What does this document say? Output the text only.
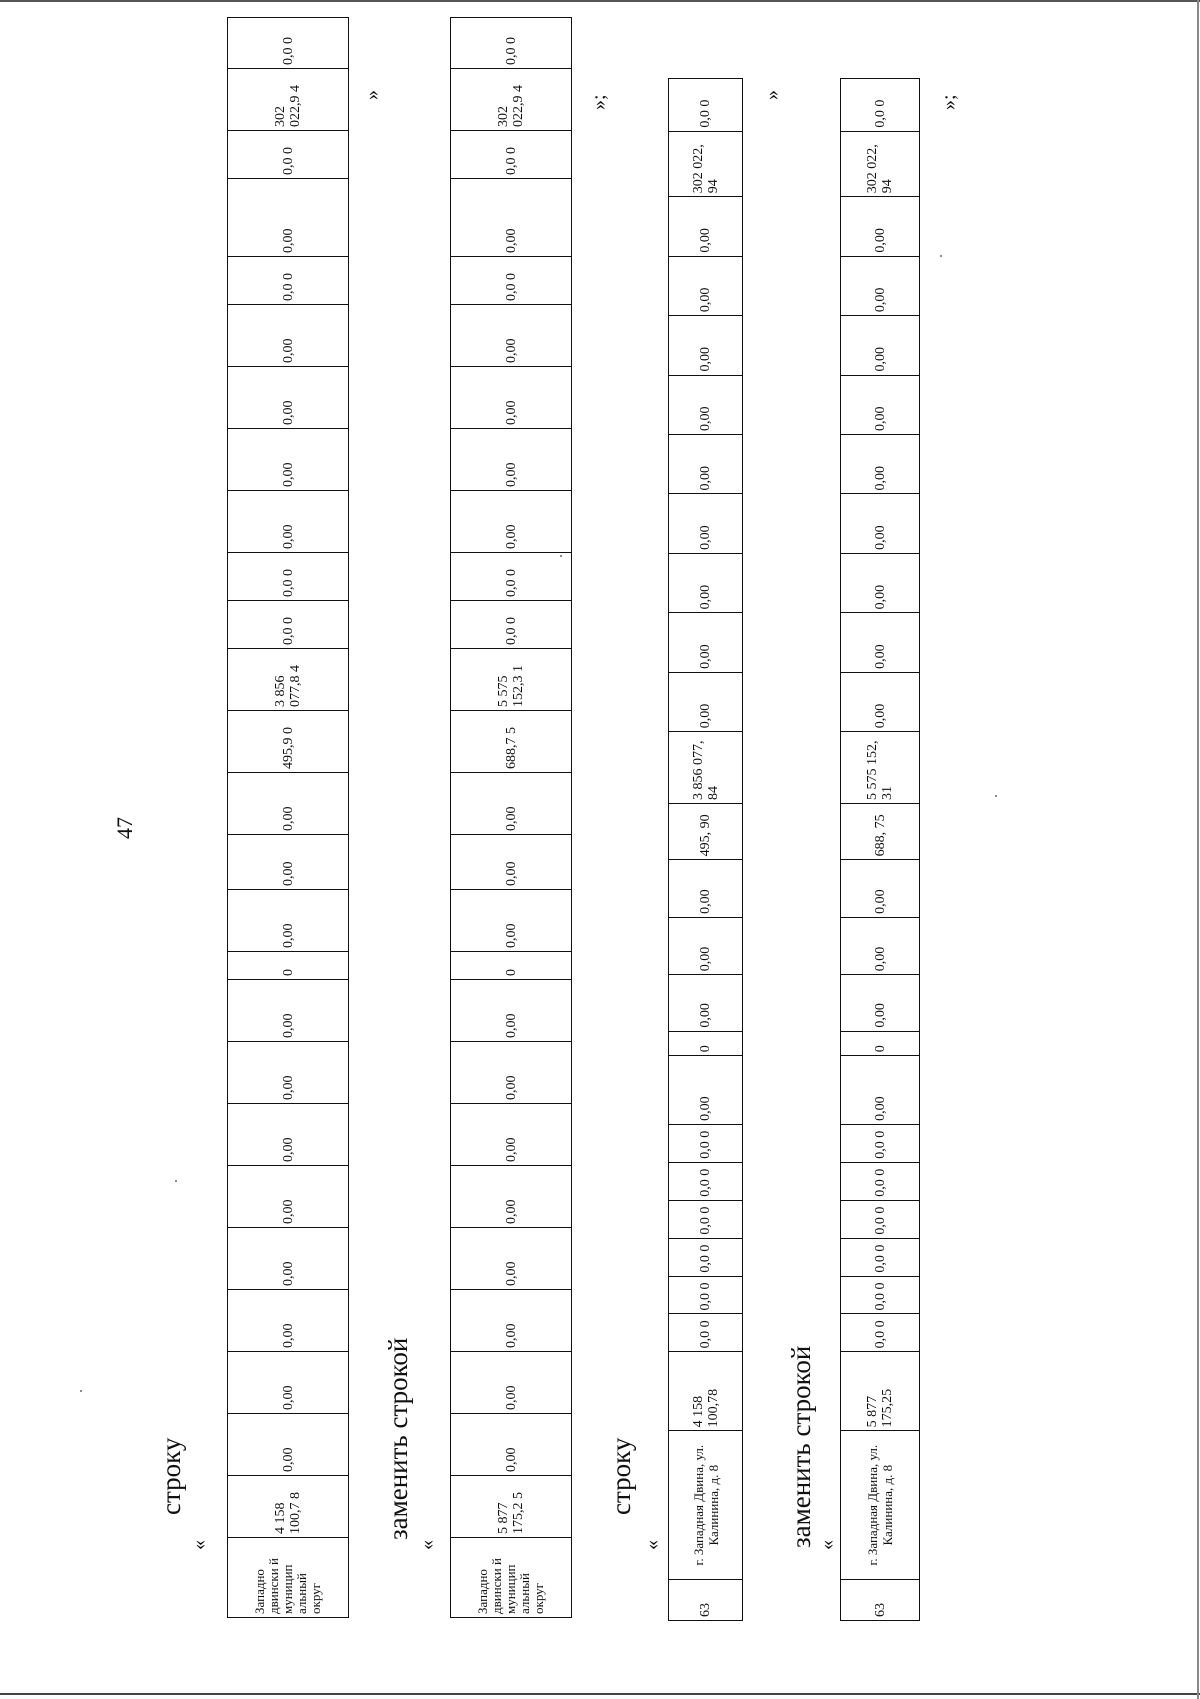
47
строку
«
Западно двински й муницип альный округ	4 158 100,7 8	0,00	0,00	0,00	0,00	0,00	0,00	0,00	0,00	0	0,00	0,00	0,00	495,9 0	3 856 077,8 4	0,0 0	0,0 0	0,00	0,00	0,00	0,00	0,0 0	0,00	0,0 0	302 022,9 4	0,0 0
»
заменить строкой
«
Западно двински й муницип альный округ	5 877 175,2 5	0,00	0,00	0,00	0,00	0,00	0,00	0,00	0,00	0	0,00	0,00	0,00	688,7 5	5 575 152,3 1	0,0 0	0,0 0	0,00	0,00	0,00	0,00	0,0 0	0,00	0,0 0	302 022,9 4	0,0 0
»;
строку
«
63	г. Западная Двина, ул. Калинина, д. 8	4 158 100,78	0,0 0	0,0 0	0,0 0	0,0 0	0,0 0	0,0 0	0,00	0	0,00	0,00	0,00	495, 90	3 856 077, 84	0,00	0,00	0,00	0,00	0,00	0,00	0,00	0,00	0,00	302 022, 94	0,0 0
»
заменить строкой «
63	г. Западная Двина, ул. Калинина, д. 8	5 877 175,25	0,0 0	0,0 0	0,0 0	0,0 0	0,0 0	0,0 0	0,00	0	0,00	0,00	0,00	688, 75	5 575 152, 31	0,00	0,00	0,00	0,00	0,00	0,00	0,00	0,00	0,00	302 022, 94	0,0 0	»;
